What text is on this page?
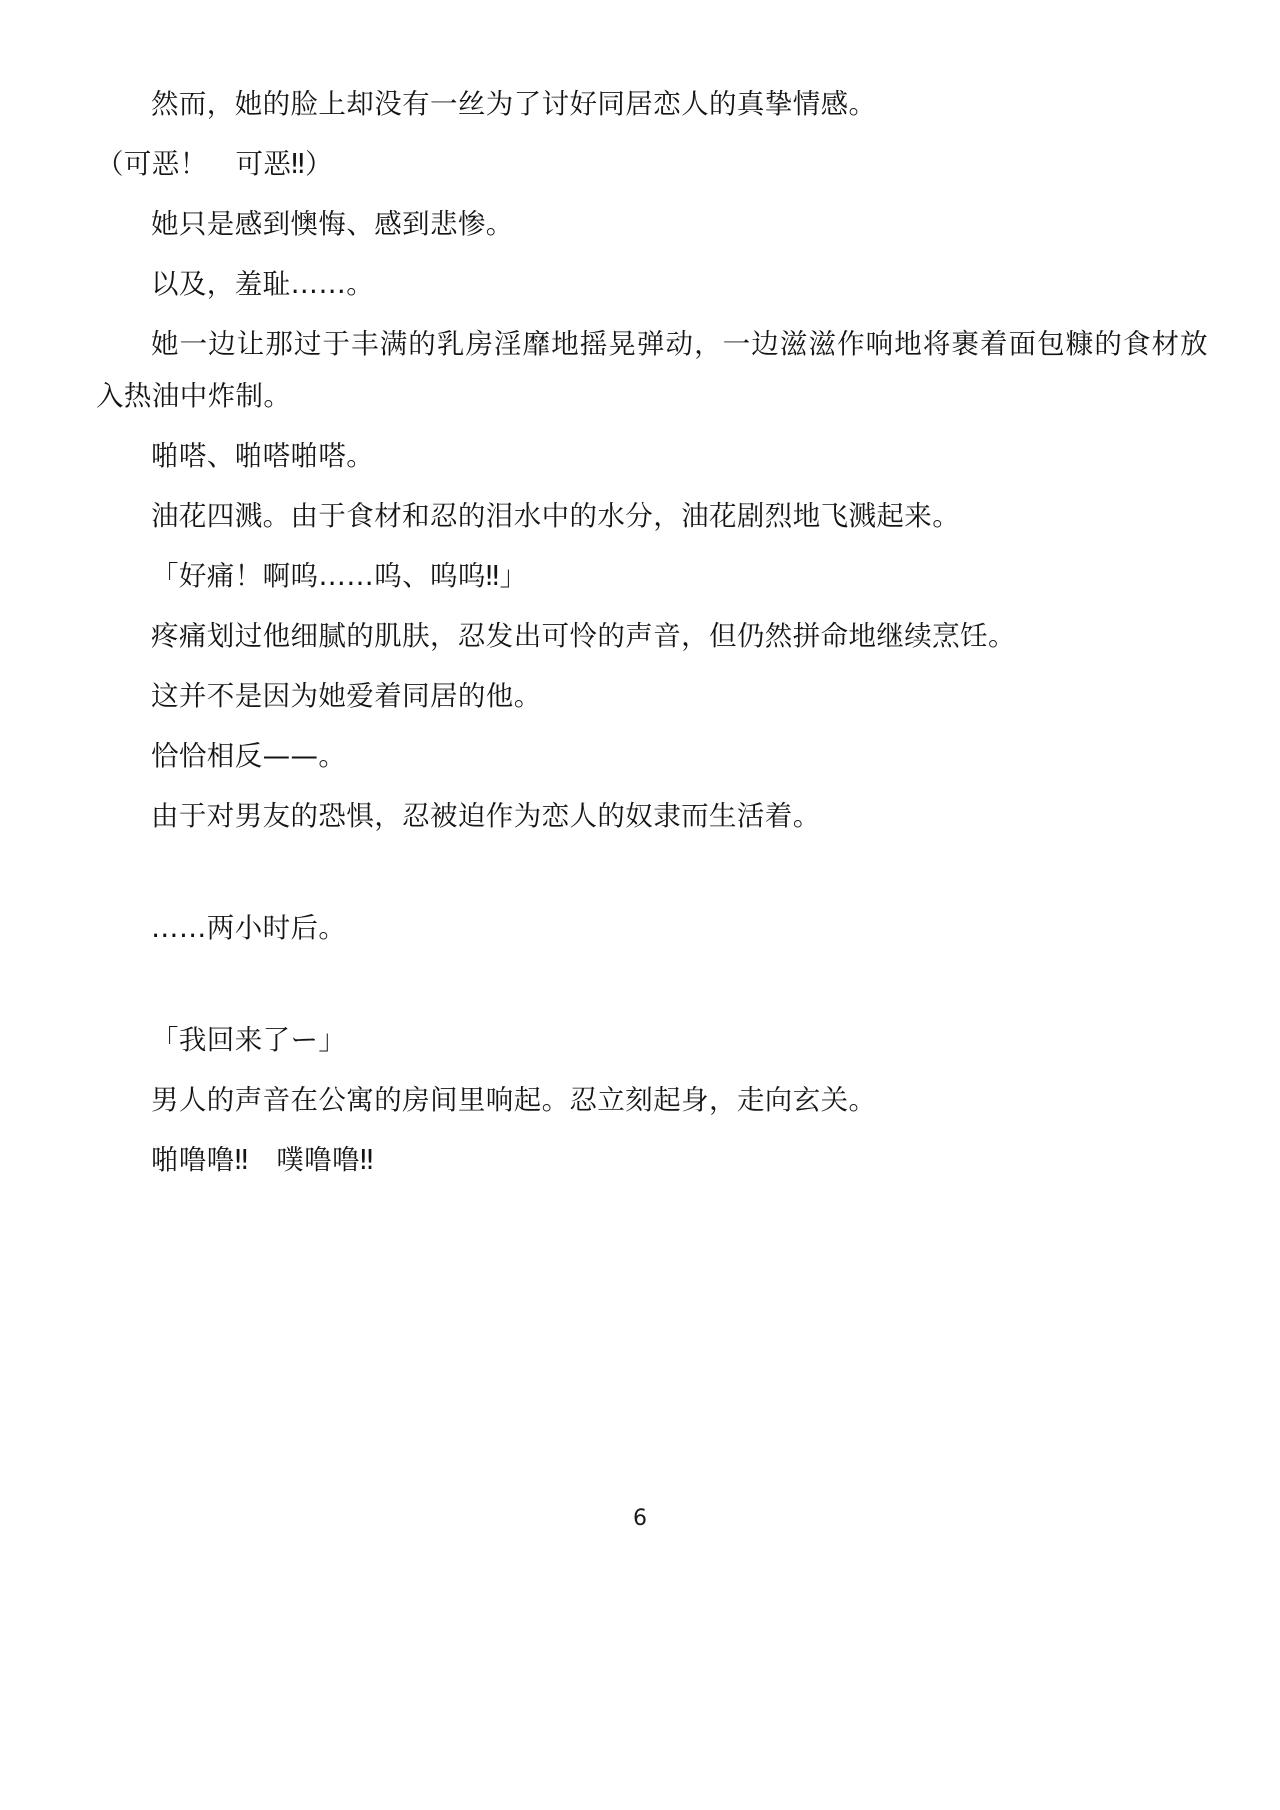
然而，她的脸上却没有一丝为了讨好同居恋人的真挚情感。

（可恶！　可恶‼）

她只是感到懊悔、感到悲惨。

以及，羞耻……。

她一边让那过于丰满的乳房淫靡地摇晃弹动，一边滋滋作响地将裹着面包糠的食材放入热油中炸制。

啪嗒、啪嗒啪嗒。

油花四溅。由于食材和忍的泪水中的水分，油花剧烈地飞溅起来。

「好痛！啊呜……呜、呜呜‼」

疼痛划过他细腻的肌肤，忍发出可怜的声音，但仍然拼命地继续烹饪。

这并不是因为她爱着同居的他。

恰恰相反——。

由于对男友的恐惧，忍被迫作为恋人的奴隶而生活着。

……两小时后。

「我回来了ー」

男人的声音在公寓的房间里响起。忍立刻起身，走向玄关。

啪噜噜‼　噗噜噜‼

6
